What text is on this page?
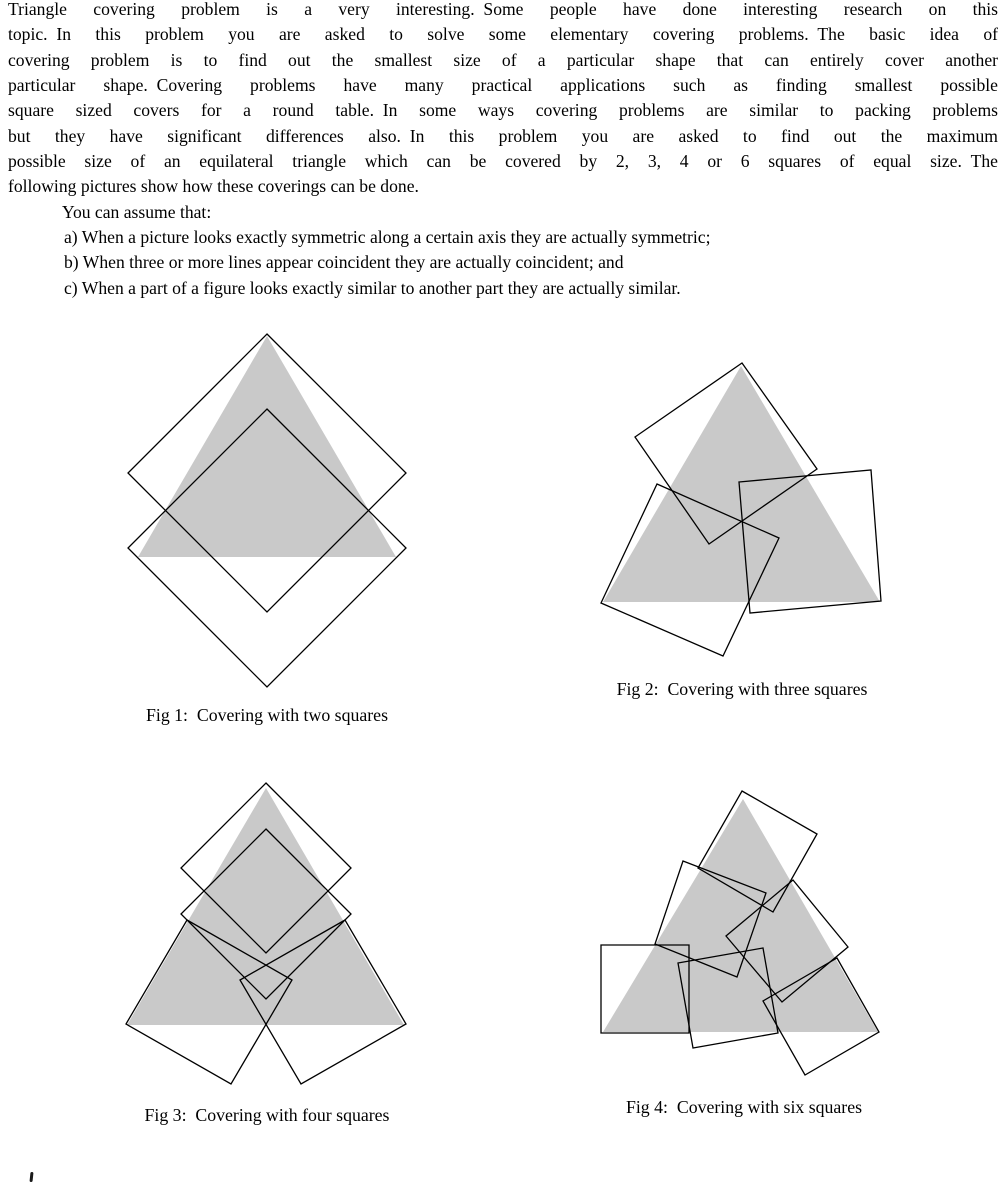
Triangle covering problem is a very interesting. Some people have done interesting research on this
topic. In this problem you are asked to solve some elementary covering problems. The basic idea of
covering problem is to find out the smallest size of a particular shape that can entirely cover another
particular shape. Covering problems have many practical applications such as finding smallest possible
square sized covers for a round table. In some ways covering problems are similar to packing problems
but they have significant differences also. In this problem you are asked to find out the maximum
possible size of an equilateral triangle which can be covered by 2, 3, 4 or 6 squares of equal size. The
following pictures show how these coverings can be done.
You can assume that:
a) When a picture looks exactly symmetric along a certain axis they are actually symmetric;
b) When three or more lines appear coincident they are actually coincident; and
c) When a part of a figure looks exactly similar to another part they are actually similar.
Fig 1: Covering with two squares
Fig 2: Covering with three squares
Fig 3: Covering with four squares	Fig 4: Covering with six squares
